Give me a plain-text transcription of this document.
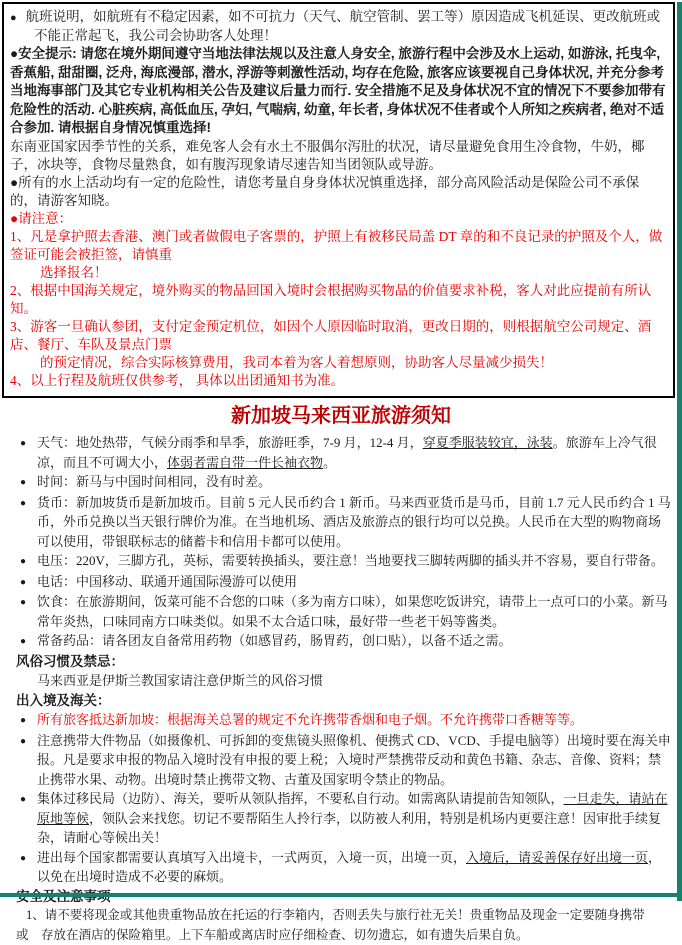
● 航班说明，如航班有不稳定因素，如不可抗力（天气、航空管制、罢工等）原因造成飞机延误、更改航班或不能正常起飞，我公司会协助客人处理！

●安全提示: 请您在境外期间遵守当地法律法规以及注意人身安全, 旅游行程中会涉及水上运动, 如游泳, 托曳伞, 香蕉船, 甜甜圈, 泛舟, 海底漫部, 潜水, 浮游等刺激性活动, 均存在危险, 旅客应该要视自己身体状况, 并充分参考当地海事部门及其它专业机构相关公告及建议后量力而行. 安全措施不足及身体状况不宜的情况下不要参加带有危险性的活动. 心脏疾病, 高低血压, 孕妇, 气喘病, 幼童, 年长者, 身体状况不佳者或个人所知之疾病者, 绝对不适合参加. 请根据自身情况慎重选择!

东南亚国家因季节性的关系，难免客人会有水土不服偶尔泻肚的状况，请尽量避免食用生冷食物，牛奶，椰子，冰块等，食物尽量熟食，如有腹泻现象请尽速告知当团领队或导游。

●所有的水上活动均有一定的危险性，请您考量自身身体状况慎重选择，部分高风险活动是保险公司不承保的，请游客知晓。

●请注意：

1、凡是拿护照去香港、澳门或者做假电子客票的，护照上有被移民局盖 DT 章的和不良记录的护照及个人，做签证可能会被拒签，请慎重

选择报名！

2、根据中国海关规定，境外购买的物品回国入境时会根据购买物品的价值要求补税，客人对此应提前有所认知。

3、游客一旦确认参团，支付定金预定机位，如因个人原因临时取消，更改日期的，则根据航空公司规定、酒店、餐厅、车队及景点门票

的预定情况，综合实际核算费用，我司本着为客人着想原则，协助客人尽量减少损失！

4、以上行程及航班仅供参考， 具体以出团通知书为准。

新加坡马来西亚旅游须知
● 天气：地处热带，气候分雨季和旱季，旅游旺季，7-9 月，12-4 月，穿夏季服装较宜，泳装。旅游车上冷气很凉，而且不可调大小，体弱者需自带一件长袖衣物。
● 时间：新马与中国时间相同，没有时差。
● 货币：新加坡货币是新加坡币。目前 5 元人民币约合 1 新币。马来西亚货币是马币，目前 1.7 元人民币约合 1 马币，外币兑换以当天银行牌价为准。在当地机场、酒店及旅游点的银行均可以兑换。人民币在大型的购物商场可以使用，带银联标志的储蓄卡和信用卡都可以使用。
● 电压：220V，三脚方孔，英标，需要转换插头，要注意！当地要找三脚转两脚的插头并不容易，要自行带备。
● 电话：中国移动、联通开通国际漫游可以使用
● 饮食：在旅游期间，饭菜可能不合您的口味（多为南方口味），如果您吃饭讲究，请带上一点可口的小菜。新马常年炎热，口味同南方口味类似。如果不太合适口味，最好带一些老干妈等酱类。
● 常备药品：请各团友自备常用药物（如感冒药，肠胃药，创口贴），以备不适之需。
风俗习惯及禁忌：
马来西亚是伊斯兰教国家请注意伊斯兰的风俗习惯
出入境及海关：
● 所有旅客抵达新加坡：根据海关总署的规定不允许携带香烟和电子烟。不允许携带口香糖等等。
● 注意携带大件物品（如摄像机、可拆卸的变焦镜头照像机、便携式 CD、VCD、手提电脑等）出境时要在海关申报。凡是要求申报的物品入境时没有申报的要上税；入境时严禁携带反动和黄色书籍、杂志、音像、资料；禁止携带水果、动物。出境时禁止携带文物、古董及国家明令禁止的物品。
● 集体过移民局（边防）、海关，要听从领队指挥，不要私自行动。如需离队请提前告知领队，一旦走失，请站在原地等候，领队会来找您。切记不要帮陌生人拎行李，以防被人利用，特别是机场内更要注意！因审批手续复杂，请耐心等候出关！
● 进出每个国家都需要认真填写入出境卡，一式两页，入境一页，出境一页，入境后，请妥善保存好出境一页，以免在出境时造成不必要的麻烦。
1、请不要将现金或其他贵重物品放在托运的行李箱内，否则丢失与旅行社无关！贵重物品及现金一定要随身携带
或　存放在酒店的保险箱里。上下车船或离店时应仔细检查、切勿遗忘，如有遗失后果自负。
